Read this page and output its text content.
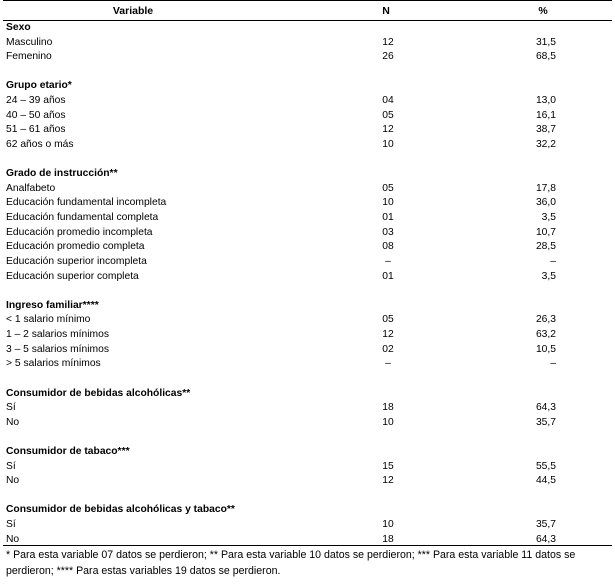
Variable	N	%
Sexo
Masculino	12	31,5
Femenino	26	68,5
Grupo etario*
24 – 39 años	04	13,0
40 – 50 años	05	16,1
51 – 61 años	12	38,7
62 años o más	10	32,2
Grado de instrucción**
Analfabeto	05	17,8
Educación fundamental incompleta	10	36,0
Educación fundamental completa	01	3,5
Educación promedio incompleta	03	10,7
Educación promedio completa	08	28,5
Educación superior incompleta	–	–
Educación superior completa	01	3,5
Ingreso familiar****
< 1 salario mínimo	05	26,3
1 – 2 salarios mínimos	12	63,2
3 – 5 salarios mínimos	02	10,5
> 5 salarios mínimos	–	–
Consumidor de bebidas alcohólicas**
Sí	18	64,3
No	10	35,7
Consumidor de tabaco***
Sí	15	55,5
No	12	44,5
Consumidor de bebidas alcohólicas y tabaco**
Sí	10	35,7
No	18	64,3
* Para esta variable 07 datos se perdieron; ** Para esta variable 10 datos se perdieron; *** Para esta variable 11 datos se perdieron; **** Para estas variables 19 datos se perdieron.
